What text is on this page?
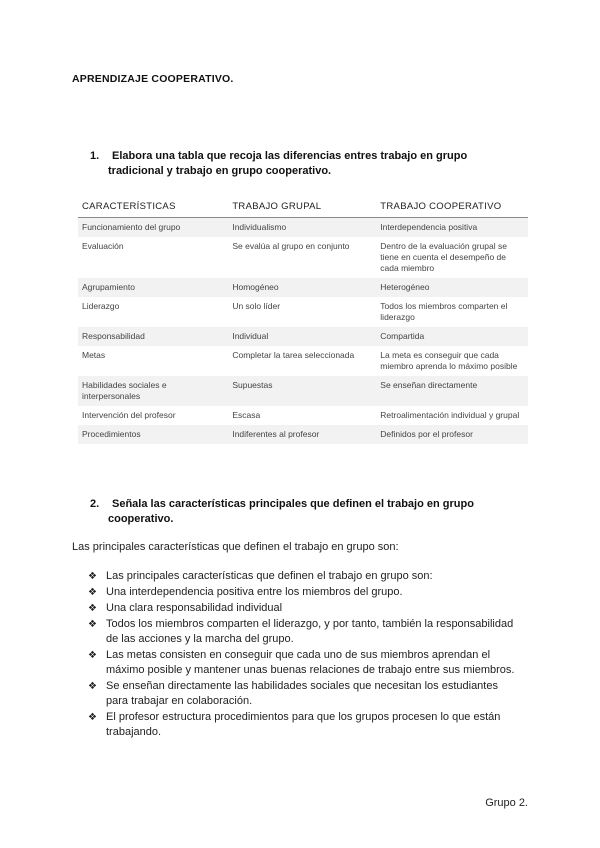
APRENDIZAJE COOPERATIVO.
1. Elabora una tabla que recoja las diferencias entres trabajo en grupo
tradicional y trabajo en grupo cooperativo.
CARACTERÍSTICAS	TRABAJO GRUPAL	TRABAJO COOPERATIVO
Funcionamiento del grupo	Individualismo	Interdependencia positiva
Evaluación	Se evalúa al grupo en conjunto	Dentro de la evaluación grupal se tiene en cuenta el desempeño de cada miembro
Agrupamiento	Homogéneo	Heterogéneo
Liderazgo	Un solo líder	Todos los miembros comparten el liderazgo
Responsabilidad	Individual	Compartida
Metas	Completar la tarea seleccionada	La meta es conseguir que cada miembro aprenda lo máximo posible
Habilidades sociales e interpersonales	Supuestas	Se enseñan directamente
Intervención del profesor	Escasa	Retroalimentación individual y grupal
Procedimientos	Indiferentes al profesor	Definidos por el profesor
2. Señala las características principales que definen el trabajo en grupo
cooperativo.
Las principales características que definen el trabajo en grupo son:
❖ Las principales características que definen el trabajo en grupo son:
❖ Una interdependencia positiva entre los miembros del grupo.
❖ Una clara responsabilidad individual
❖ Todos los miembros comparten el liderazgo, y por tanto, también la responsabilidad de las acciones y la marcha del grupo.
❖ Las metas consisten en conseguir que cada uno de sus miembros aprendan el máximo posible y mantener unas buenas relaciones de trabajo entre sus miembros.
❖ Se enseñan directamente las habilidades sociales que necesitan los estudiantes para trabajar en colaboración.
❖ El profesor estructura procedimientos para que los grupos procesen lo que están trabajando.
Grupo 2.
